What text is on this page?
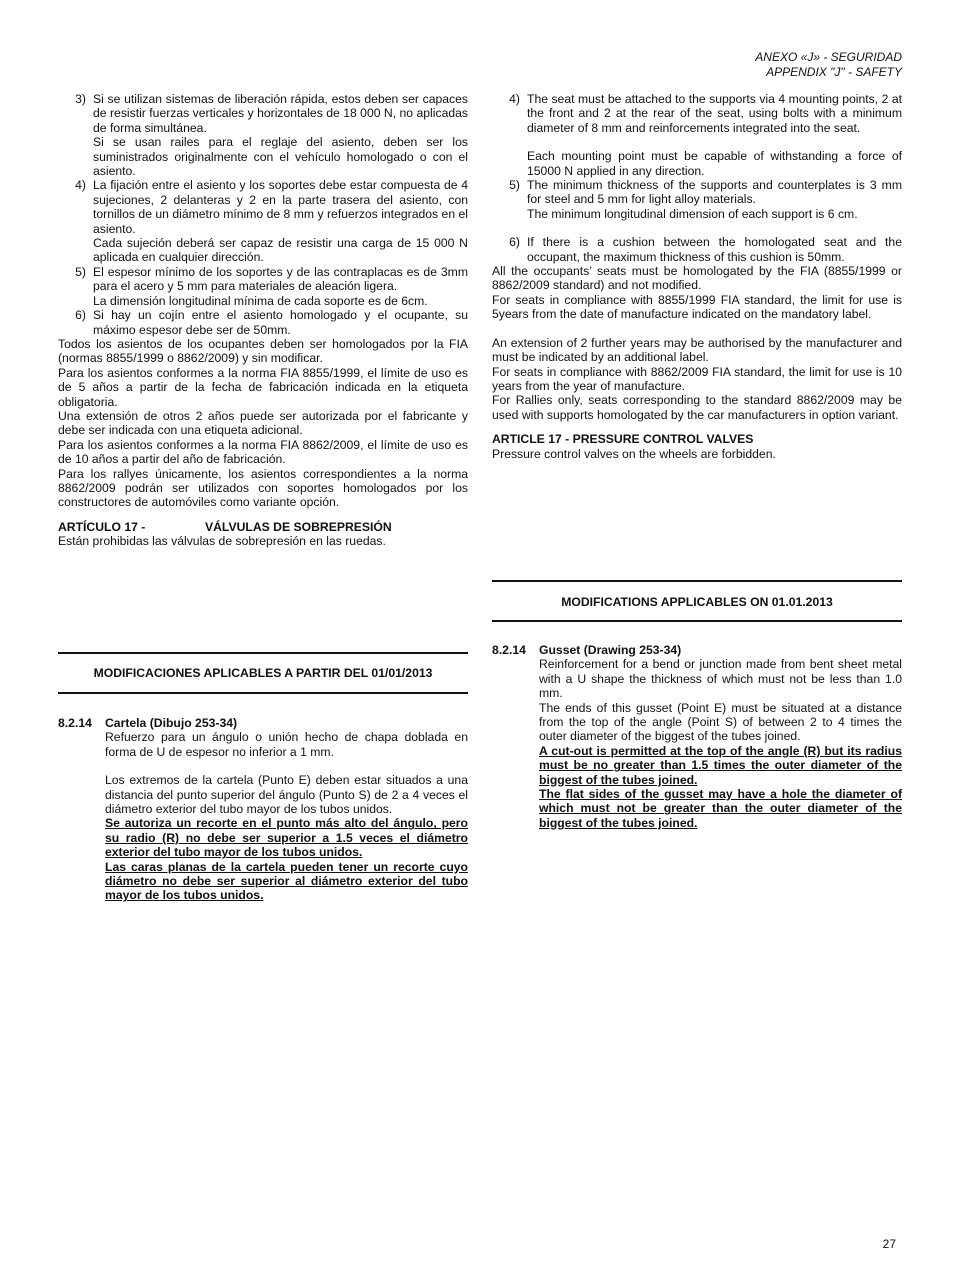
ANEXO «J» - SEGURIDAD
APPENDIX "J" - SAFETY
3) Si se utilizan sistemas de liberación rápida, estos deben ser capaces de resistir fuerzas verticales y horizontales de 18 000 N, no aplicadas de forma simultánea.

Si se usan railes para el reglaje del asiento, deben ser los suministrados originalmente con el vehículo homologado o con el asiento.

4) La fijación entre el asiento y los soportes debe estar compuesta de 4 sujeciones, 2 delanteras y 2 en la parte trasera del asiento, con tornillos de un diámetro mínimo de 8 mm y refuerzos integrados en el asiento.

Cada sujeción deberá ser capaz de resistir una carga de 15 000 N aplicada en cualquier dirección.

5) El espesor mínimo de los soportes y de las contraplacas es de 3mm para el acero y 5 mm para materiales de aleación ligera.

La dimensión longitudinal mínima de cada soporte es de 6cm.

6) Si hay un cojín entre el asiento homologado y el ocupante, su máximo espesor debe ser de 50mm.

Todos los asientos de los ocupantes deben ser homologados por la FIA (normas 8855/1999 o 8862/2009) y sin modificar.

Para los asientos conformes a la norma FIA 8855/1999, el límite de uso es de 5 años a partir de la fecha de fabricación indicada en la etiqueta obligatoria.

Una extensión de otros 2 años puede ser autorizada por el fabricante y debe ser indicada con una etiqueta adicional.

Para los asientos conformes a la norma FIA 8862/2009, el límite de uso es de 10 años a partir del año de fabricación.

Para los rallyes únicamente, los asientos correspondientes a la norma 8862/2009 podrán ser utilizados con soportes homologados por los constructores de automóviles como variante opción.

ARTÍCULO 17 -	VÁLVULAS DE SOBREPRESIÓN

Están prohibidas las válvulas de sobrepresión en las ruedas.

MODIFICACIONES APLICABLES A PARTIR DEL 01/01/2013
8.2.14	Cartela (Dibujo 253-34)

Refuerzo para un ángulo o unión hecho de chapa doblada en forma de U de espesor no inferior a 1 mm.

Los extremos de la cartela (Punto E) deben estar situados a una distancia del punto superior del ángulo (Punto S) de 2 a 4 veces el diámetro exterior del tubo mayor de los tubos unidos.

Se autoriza un recorte en el punto más alto del ángulo, pero su radio (R) no debe ser superior a 1.5 veces el diámetro exterior del tubo mayor de los tubos unidos.

Las caras planas de la cartela pueden tener un recorte cuyo diámetro no debe ser superior al diámetro exterior del tubo mayor de los tubos unidos.

4) The seat must be attached to the supports via 4 mounting points, 2 at the front and 2 at the rear of the seat, using bolts with a minimum diameter of 8 mm and reinforcements integrated into the seat.

Each mounting point must be capable of withstanding a force of 15000 N applied in any direction.

5) The minimum thickness of the supports and counterplates is 3 mm for steel and 5 mm for light alloy materials.

The minimum longitudinal dimension of each support is 6 cm.

6) If there is a cushion between the homologated seat and the occupant, the maximum thickness of this cushion is 50mm.

All the occupants’ seats must be homologated by the FIA (8855/1999 or 8862/2009 standard) and not modified.

For seats in compliance with 8855/1999 FIA standard, the limit for use is 5years from the date of manufacture indicated on the mandatory label.

An extension of 2 further years may be authorised by the manufacturer and must be indicated by an additional label.

For seats in compliance with 8862/2009 FIA standard, the limit for use is 10 years from the year of manufacture.

For Rallies only, seats corresponding to the standard 8862/2009 may be used with supports homologated by the car manufacturers in option variant.

ARTICLE 17 - PRESSURE CONTROL VALVES

Pressure control valves on the wheels are forbidden.

MODIFICATIONS APPLICABLES ON 01.01.2013
8.2.14	Gusset (Drawing 253-34)

Reinforcement for a bend or junction made from bent sheet metal with a U shape the thickness of which must not be less than 1.0 mm.

The ends of this gusset (Point E) must be situated at a distance from the top of the angle (Point S) of between 2 to 4 times the outer diameter of the biggest of the tubes joined.

A cut-out is permitted at the top of the angle (R) but its radius must be no greater than 1.5 times the outer diameter of the biggest of the tubes joined.

The flat sides of the gusset may have a hole the diameter of which must not be greater than the outer diameter of the biggest of the tubes joined.

27
